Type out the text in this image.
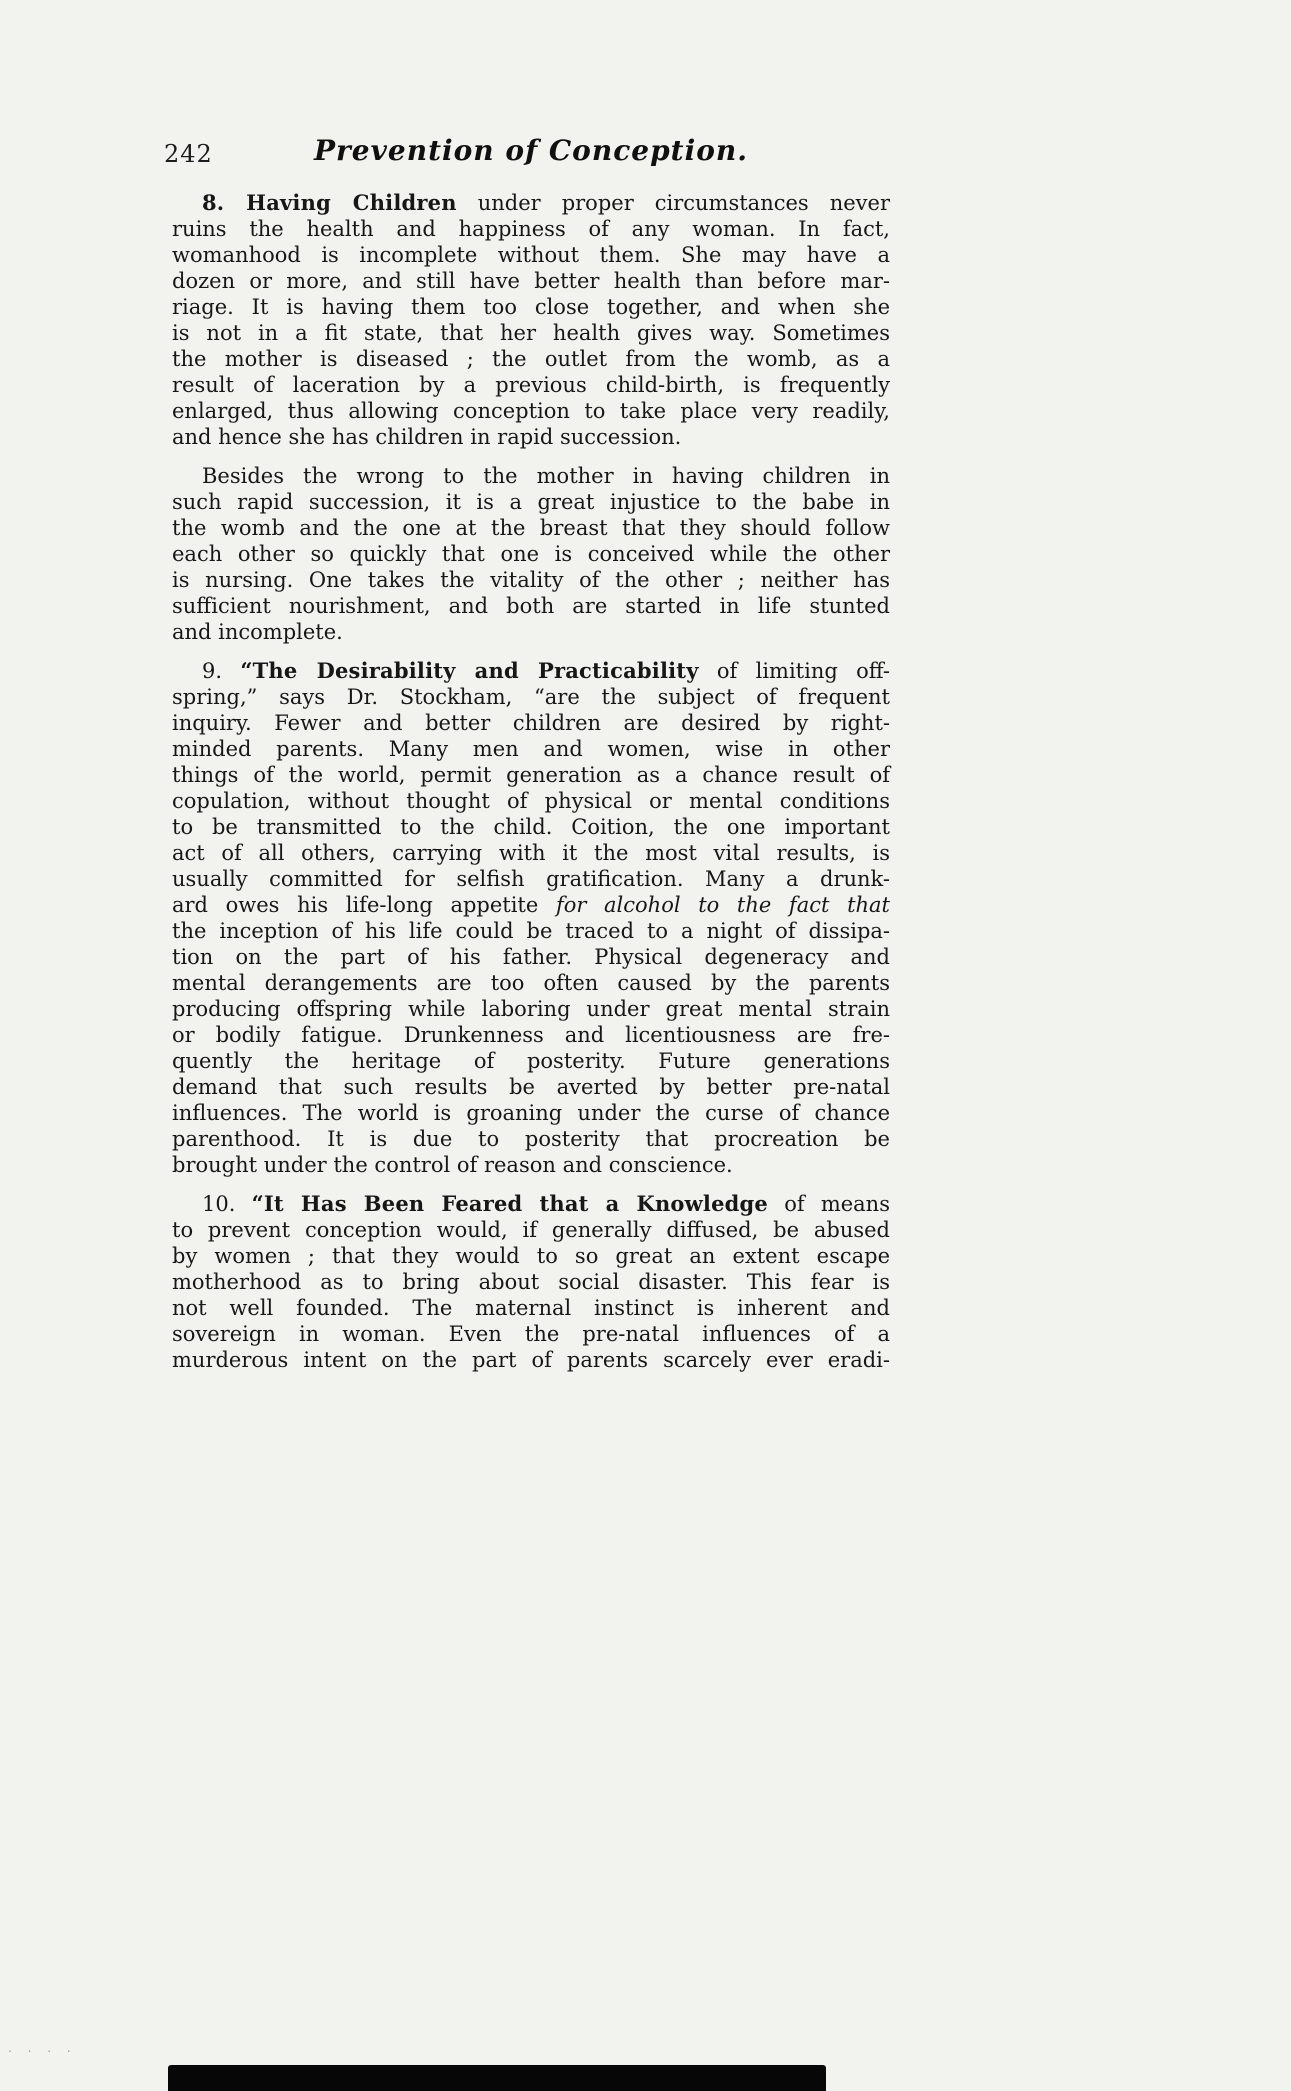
242	Prevention of Conception.
8. Having Children under proper circumstances never
ruins the health and happiness of any woman. In fact,
womanhood is incomplete without them. She may have a
dozen or more, and still have better health than before mar-
riage. It is having them too close together, and when she
is not in a fit state, that her health gives way. Sometimes
the mother is diseased ; the outlet from the womb, as a
result of laceration by a previous child-birth, is frequently
enlarged, thus allowing conception to take place very readily,
and hence she has children in rapid succession.
Besides the wrong to the mother in having children in
such rapid succession, it is a great injustice to the babe in
the womb and the one at the breast that they should follow
each other so quickly that one is conceived while the other
is nursing. One takes the vitality of the other ; neither has
sufficient nourishment, and both are started in life stunted
and incomplete.
9. “The Desirability and Practicability of limiting off-
spring,” says Dr. Stockham, “are the subject of frequent
inquiry. Fewer and better children are desired by right-
minded parents. Many men and women, wise in other
things of the world, permit generation as a chance result of
copulation, without thought of physical or mental conditions
to be transmitted to the child. Coition, the one important
act of all others, carrying with it the most vital results, is
usually committed for selfish gratification. Many a drunk-
ard owes his life-long appetite for alcohol to the fact that
the inception of his life could be traced to a night of dissipa-
tion on the part of his father. Physical degeneracy and
mental derangements are too often caused by the parents
producing offspring while laboring under great mental strain
or bodily fatigue. Drunkenness and licentiousness are fre-
quently the heritage of posterity. Future generations
demand that such results be averted by better pre-natal
influences. The world is groaning under the curse of chance
parenthood. It is due to posterity that procreation be
brought under the control of reason and conscience.
10. “It Has Been Feared that a Knowledge of means
to prevent conception would, if generally diffused, be abused
by women ; that they would to so great an extent escape
motherhood as to bring about social disaster. This fear is
not well founded. The maternal instinct is inherent and
sovereign in woman. Even the pre-natal influences of a
murderous intent on the part of parents scarcely ever eradi-
. . . .
